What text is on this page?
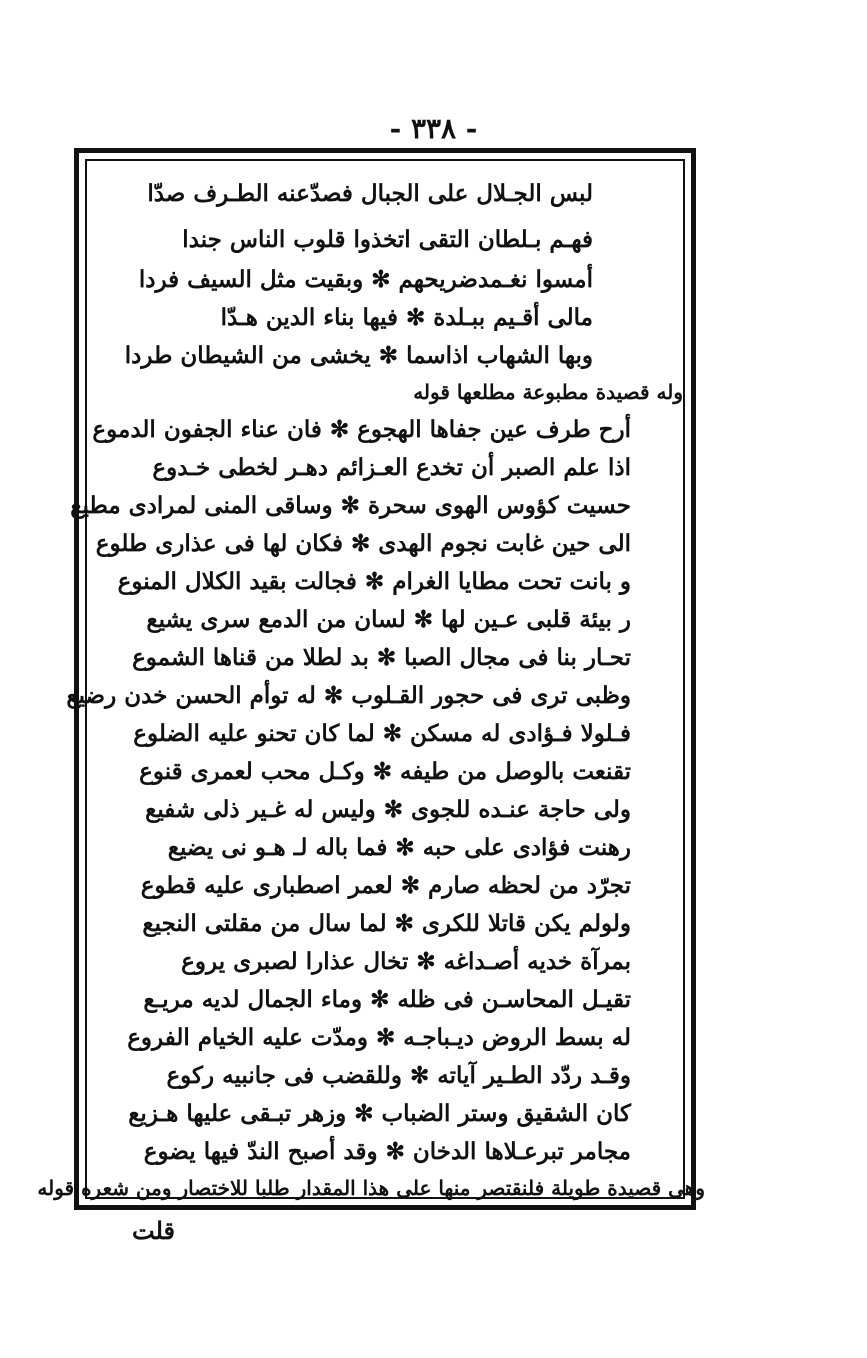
- ٣٣٨ -
لبس الجـلال على الجبال فصدّعنه الطـرف صدّا
فهـم بـلطان التقى اتخذوا قلوب الناس جندا
أمسوا نغـمدضريحهم ✻ وبقيت مثل السيف فردا
مالى أقـيم ببـلدة ✻ فيها بناء الدين هـدّا
وبها الشهاب اذاسما ✻ يخشى من الشيطان طردا
وله قصيدة مطبوعة مطلعها قوله
أرح طرف عين جفاها الهجوع ✻ فان عناء الجفون الدموع
اذا علم الصبر أن تخدع العـزائم دهـر لخطى خـدوع
حسيت كؤوس الهوى سحرة ✻ وساقى المنى لمرادى مطيع
الى حين غابت نجوم الهدى ✻ فكان لها فى عذارى طلوع
و بانت تحت مطايا الغرام ✻ فجالت بقيد الكلال المنوع
ر بيئة قلبى عـين لها ✻ لسان من الدمع سرى يشيع
تحـار بنا فى مجال الصبا ✻ بد لطلا من قناها الشموع
وظبى ترى فى حجور القـلوب ✻ له توأم الحسن خدن رضيع
فـلولا فـؤادى له مسكن ✻ لما كان تحنو عليه الضلوع
تقنعت بالوصل من طيفه ✻ وكـل محب لعمرى قنوع
ولى حاجة عنـده للجوى ✻ وليس له غـير ذلى شفيع
رهنت فؤادى على حبه ✻ فما باله لـ هـو نى يضيع
تجرّد من لحظه صارم ✻ لعمر اصطبارى عليه قطوع
ولولم يكن قاتلا للكرى ✻ لما سال من مقلتى النجيع
بمرآة خديه أصـداغه ✻ تخال عذارا لصبرى يروع
تقيـل المحاسـن فى ظله ✻ وماء الجمال لديه مريـع
له بسط الروض ديـباجـه ✻ ومدّت عليه الخيام الفروع
وقـد ردّد الطـير آياته ✻ وللقضب فى جانبيه ركوع
كان الشقيق وستر الضباب ✻ وزهر تبـقى عليها هـزيع
مجامر تبرعـلاها الدخان ✻ وقد أصبح الندّ فيها يضوع
وهى قصيدة طويلة فلنقتصر منها على هذا المقدار طلبا للاختصار ومن شعره قوله
قلت
